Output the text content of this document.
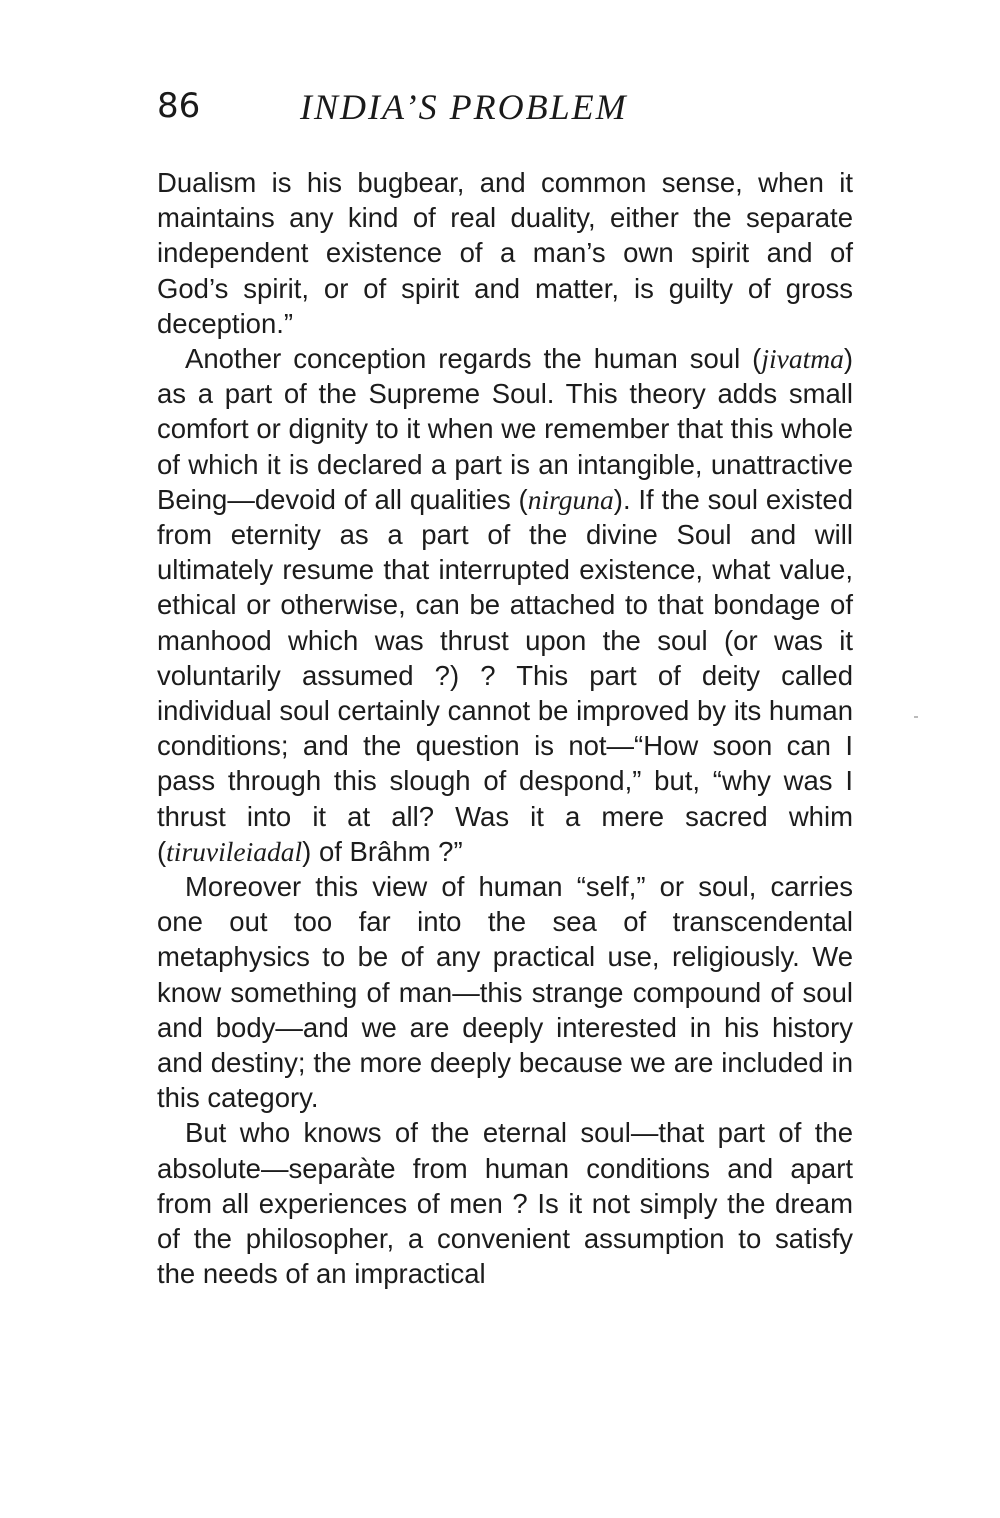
86	INDIA’S PROBLEM

Dualism is his bugbear, and common sense, when it maintains any kind of real duality, either the separate independent existence of a man’s own spirit and of God’s spirit, or of spirit and matter, is guilty of gross deception.”

Another conception regards the human soul (jivatma) as a part of the Supreme Soul. This theory adds small comfort or dignity to it when we remember that this whole of which it is declared a part is an intangible, unattractive Being—devoid of all qualities (nirguna). If the soul existed from eternity as a part of the divine Soul and will ultimately resume that interrupted existence, what value, ethical or otherwise, can be attached to that bondage of manhood which was thrust upon the soul (or was it voluntarily assumed ?) ? This part of deity called individual soul certainly cannot be improved by its human conditions; and the question is not—“How soon can I pass through this slough of despond,” but, “why was I thrust into it at all? Was it a mere sacred whim (tiruvileiadal) of Brâhm ?”

Moreover this view of human “self,” or soul, carries one out too far into the sea of transcendental metaphysics to be of any practical use, religiously. We know something of man—this strange compound of soul and body—and we are deeply interested in his history and destiny; the more deeply because we are included in this category.

But who knows of the eternal soul—that part of the absolute—separàte from human conditions and apart from all experiences of men ? Is it not simply the dream of the philosopher, a convenient assumption to satisfy the needs of an impractical
